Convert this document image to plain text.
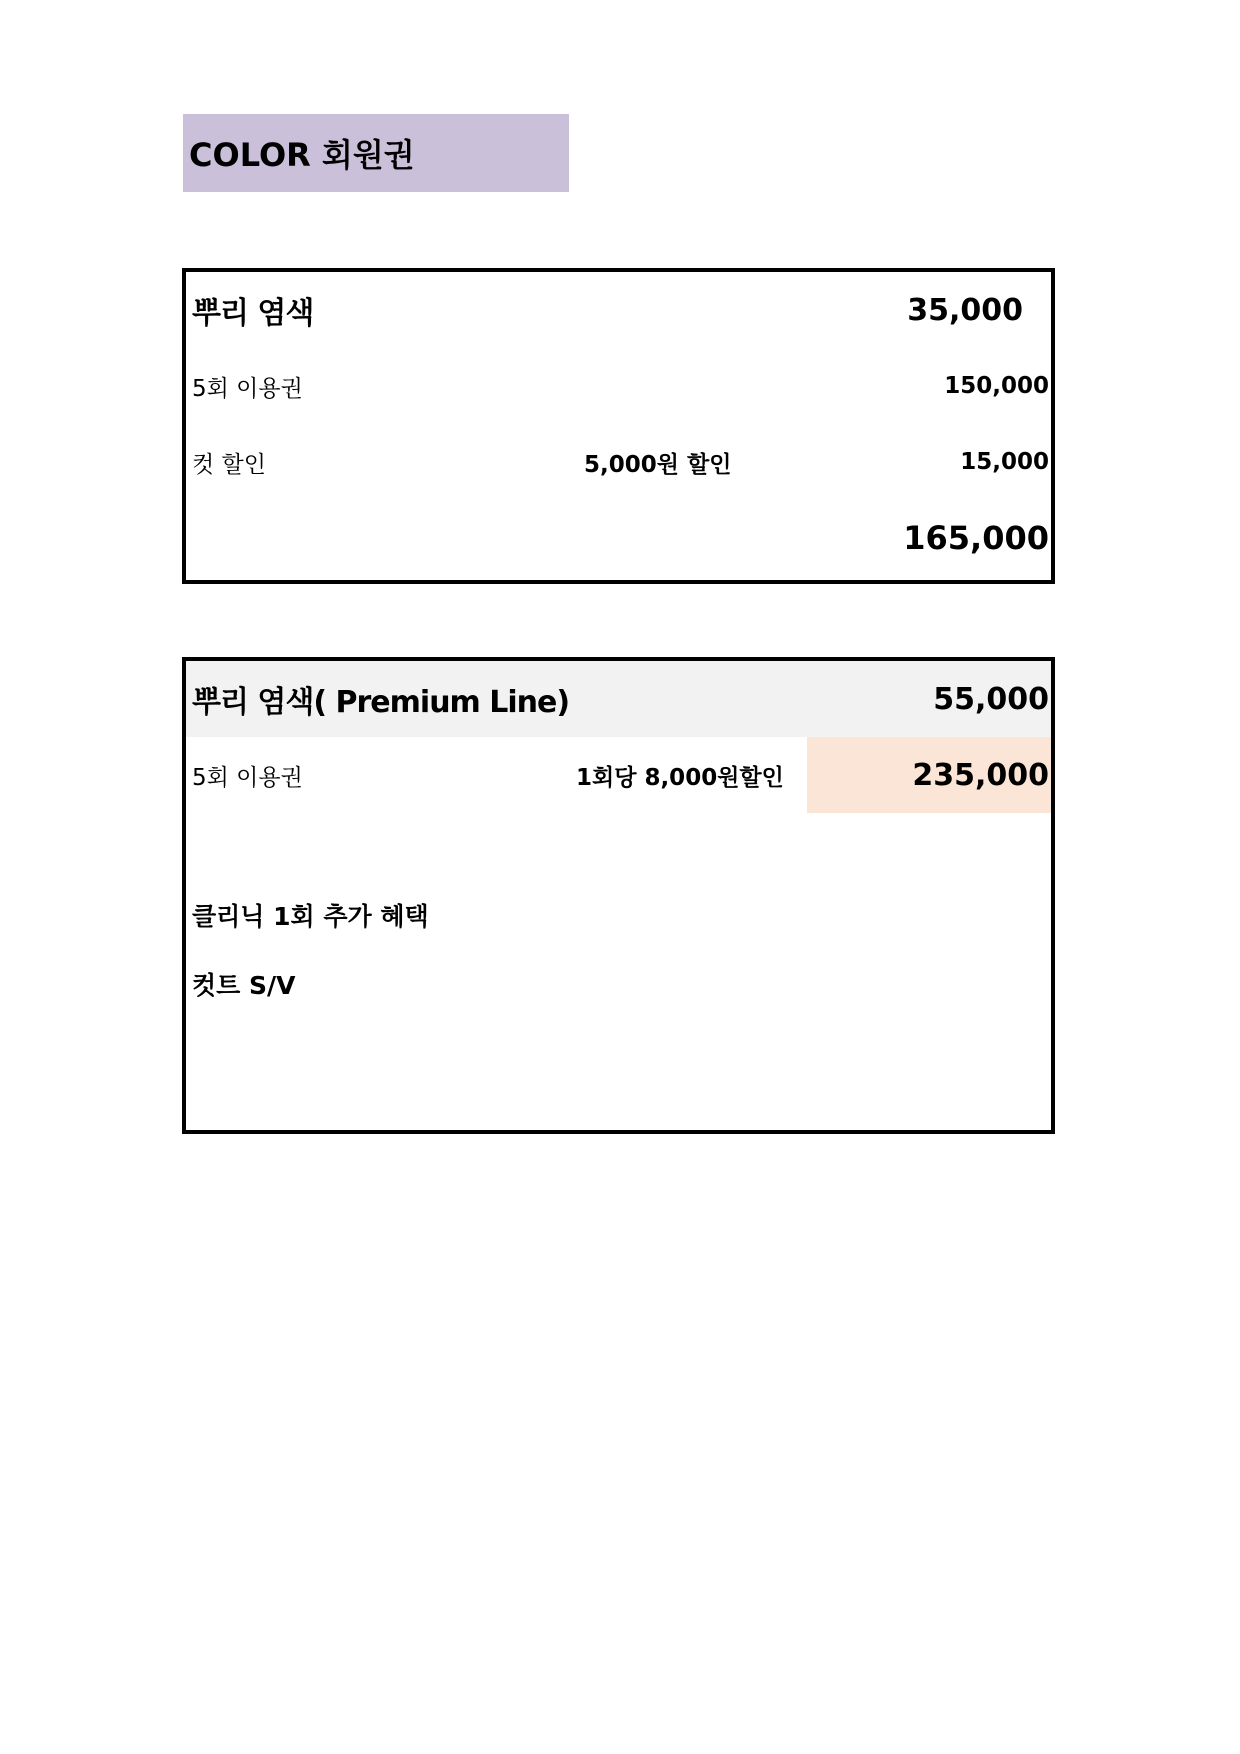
COLOR 회원권
뿌리 염색	35,000
5회 이용권	150,000
컷 할인	5,000원 할인	15,000
165,000
뿌리 염색( Premium Line)	55,000
5회 이용권	1회당 8,000원할인	235,000
클리닉 1회 추가 혜택
컷트 S/V
